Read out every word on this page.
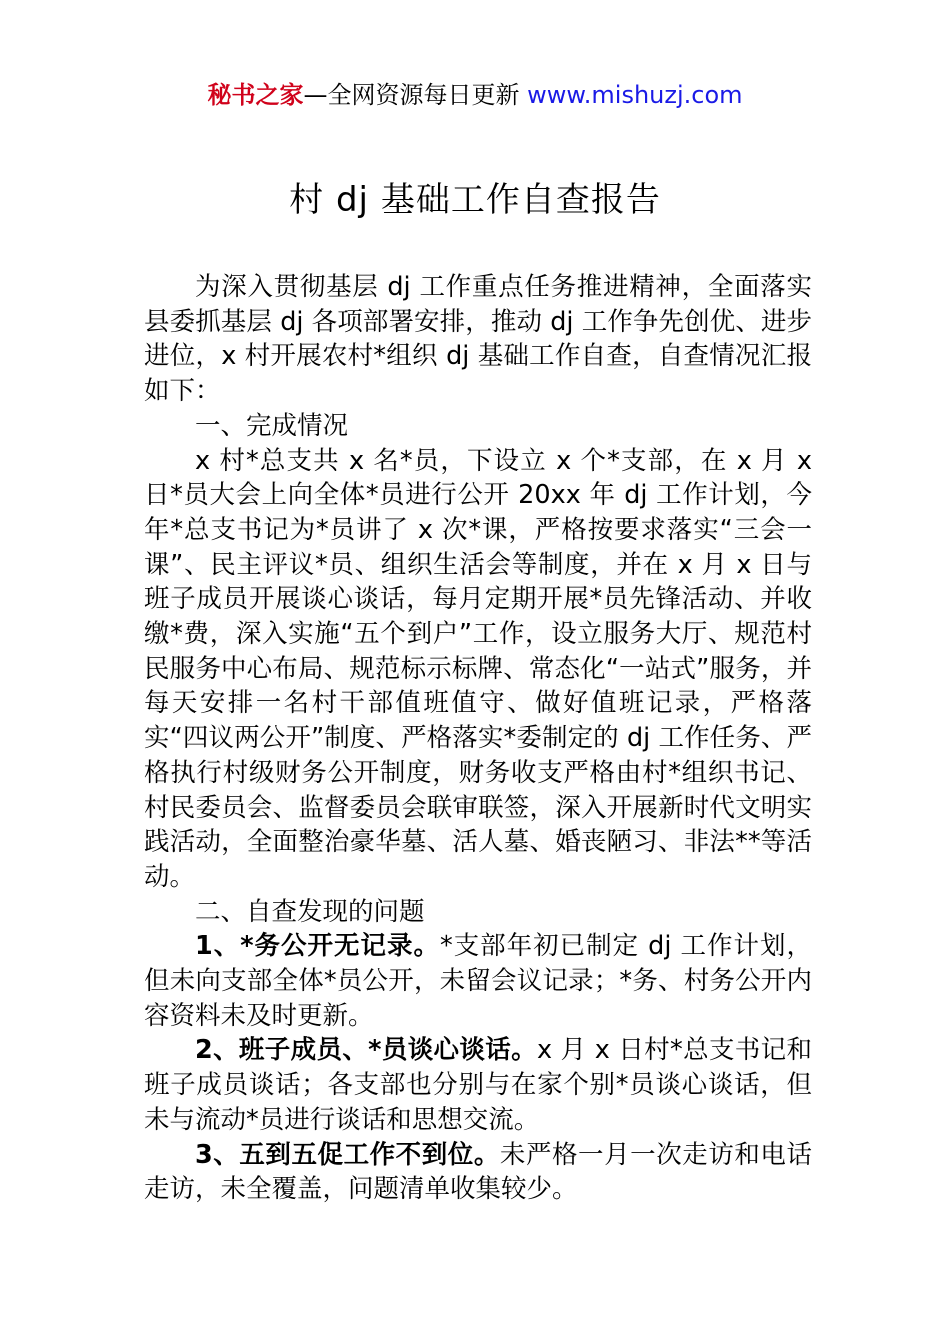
秘书之家—全网资源每日更新 www.mishuzj.com
村 dj 基础工作自查报告

为深入贯彻基层 dj 工作重点任务推进精神，全面落实县委抓基层 dj 各项部署安排，推动 dj 工作争先创优、进步进位，x 村开展农村*组织 dj 基础工作自查，自查情况汇报如下：

一、完成情况

x 村*总支共 x 名*员，下设立 x 个*支部，在 x 月 x 日*员大会上向全体*员进行公开 20xx 年 dj 工作计划，今年*总支书记为*员讲了 x 次*课，严格按要求落实“三会一课”、民主评议*员、组织生活会等制度，并在 x 月 x 日与班子成员开展谈心谈话，每月定期开展*员先锋活动、并收缴*费，深入实施“五个到户”工作，设立服务大厅、规范村民服务中心布局、规范标示标牌、常态化“一站式”服务，并每天安排一名村干部值班值守、做好值班记录，严格落实“四议两公开”制度、严格落实*委制定的 dj 工作任务、严格执行村级财务公开制度，财务收支严格由村*组织书记、村民委员会、监督委员会联审联签，深入开展新时代文明实践活动，全面整治豪华墓、活人墓、婚丧陋习、非法**等活动。

二、自查发现的问题

1、*务公开无记录。*支部年初已制定 dj 工作计划，但未向支部全体*员公开，未留会议记录；*务、村务公开内容资料未及时更新。

2、班子成员、*员谈心谈话。x 月 x 日村*总支书记和班子成员谈话；各支部也分别与在家个别*员谈心谈话，但未与流动*员进行谈话和思想交流。

3、五到五促工作不到位。未严格一月一次走访和电话走访，未全覆盖，问题清单收集较少。
